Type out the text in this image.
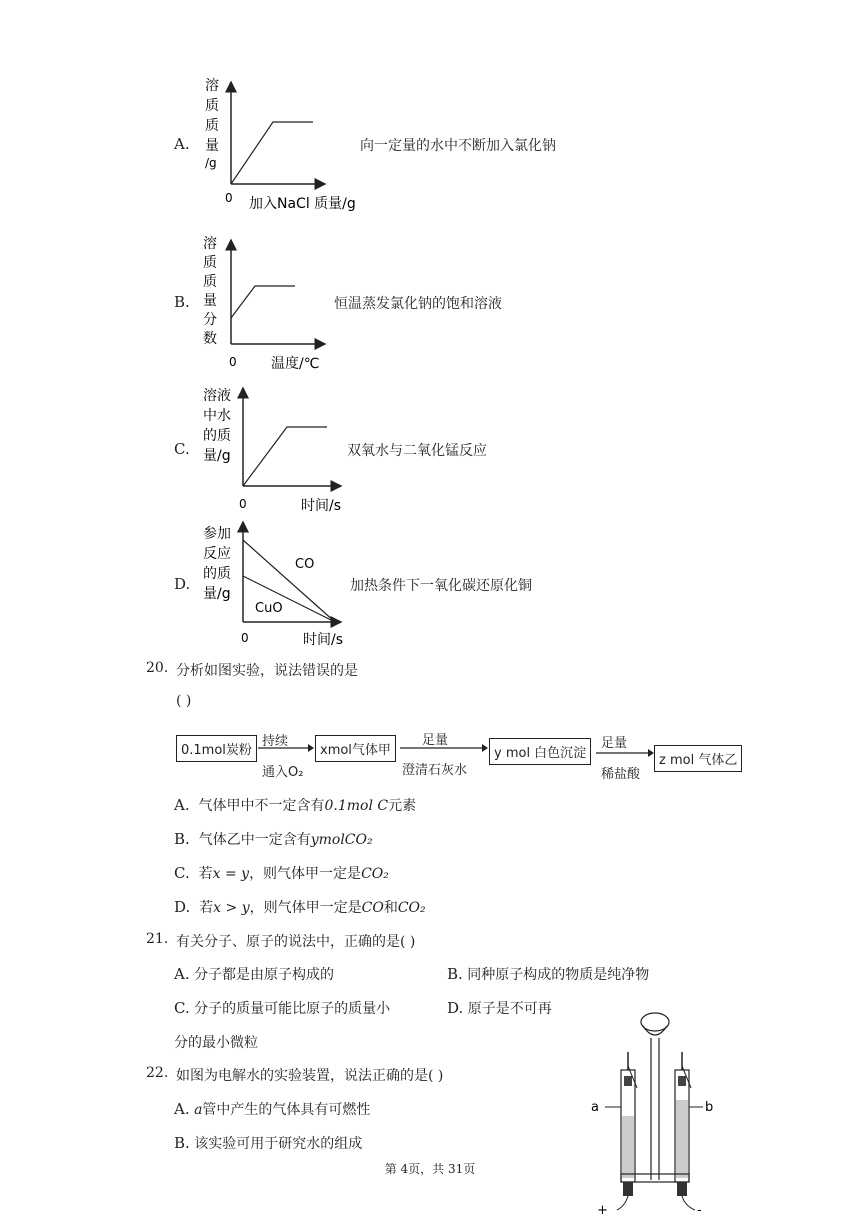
A.
溶
质
质
量
/g
0 加入NaCl 质量/g
向一定量的水中不断加入氯化钠
B.
溶
质
质
量
分
数
0 温度/℃
恒温蒸发氯化钠的饱和溶液
C.
溶液
中水
的质
量/g
0	时间/s
双氧水与二氧化锰反应
D.
CO
CuO
参加
反应
的质
量/g
0	时间/s
加热条件下一氧化碳还原化铜
20. 分析如图实验，说法错误的是
( )
0.1mol炭粉
持续
通入O₂
xmol气体甲
足量
澄清石灰水
y mol 白色沉淀
足量
稀盐酸
z mol 气体乙
A. 气体甲中不一定含有0.1mol C元素
B. 气体乙中一定含有ymolCO₂
C. 若x = y，则气体甲一定是CO₂
D. 若x > y，则气体甲一定是CO和CO₂
21. 有关分子、原子的说法中，正确的是( )
A. 分子都是由原子构成的	B. 同种原子构成的物质是纯净物
C. 分子的质量可能比原子的质量小	D. 原子是不可再
分的最小微粒
22. 如图为电解水的实验装置，说法正确的是( )
A. a管中产生的气体具有可燃性
B. 该实验可用于研究水的组成
a	b
+	-
第 4页，共 31页
